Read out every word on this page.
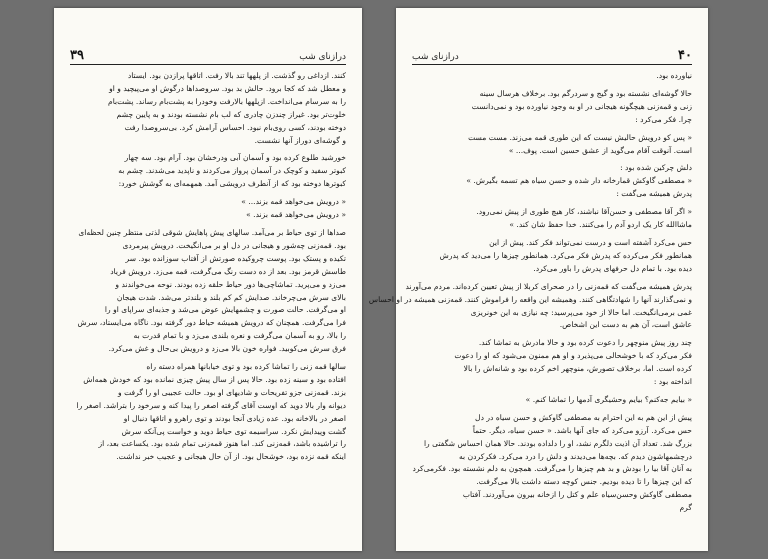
۳۹	درازنای شب
کنند. ازداغی رو گذشت. از پلهها تند بالا رفت. اتاقها پرازدن بود. ایستاد
و معطل شد که کجا برود. حالش بد بود. سروصداها درگوش او می‌پیچید و او
را به سرسام می‌انداخت. ازپلهها بالارفت وخودرا به پشت‌بام رساند. پشت‌بام
خلوت‌تر بود. غیراز چندزن چادری که لب بام نشسته بودند و به پایین چشم
دوخته بودند، کسی روی‌بام نبود. احساس آرامش کرد. بی‌سروصدا رفت
و گوشه‌ای دوراز آنها نشست.
خورشید طلوع کرده بود و آسمان آبی ودرخشان بود. آرام بود. سه چهار
کبوتر سفید و کوچک در آسمان پرواز می‌کردند و ناپدید می‌شدند. چشم به
کبوترها دوخته بود که از آنطرف درویشی آمد. همهمه‌ای به گوشش خورد:
« درویش می‌خواهد قمه بزند... »
« درویش می‌خواهد قمه بزند. »
صداها از توی حیاط بر می‌آمد. سالهای پیش پاهایش‌ شوقی لذتی منتظر چنین لحظه‌ای
بود. قمه‌زنی چه‌شور و هیجانی در دل او بر می‌انگیخت. درویش پیرمردی
تکیده و پستک بود. پوست چروکیده صورتش از آفتاب سوزانده بود. سر
طاسش قرمز بود. بعد از ده دست رنگ می‌گرفت، قمه می‌زد. درویش فریاد
می‌زد و می‌پرید. تماشاچی‌ها دور حیاط حلقه زده بودند. نوحه می‌خواندند و
بالای سرش می‌چرخاند. صدایش کم کم بلند و بلندتر می‌شد. شدت هیجان
او می‌گرفت. حالت صورت و چشمهایش عوض می‌شد و جذبه‌ای سراپای او را
فرا می‌گرفت. همچنان که درویش همیشه حیاط دور گرفته بود. ناگاه می‌ایستاد، سرش
را بالا، رو به آسمان می‌گرفت و نعره بلندی می‌زد و با تمام قدرت به
فرق سرش می‌کوبید. فواره خون بالا می‌زد و درویش بی‌حال و غش می‌کرد.
سالها قمه زنی را تماشا کرده بود و توی خیابانها همراه دسته راه
افتاده بود و سینه زده بود. حالا پس از سال پیش چیزی نمانده بود که خودش همه‌اش
بزند. قمه‌زنی جزو تفریحات و شادیهای او بود. حالت عجیبی او را گرفت و
دیوانه وار بالا دوید که اوست آقای گرفته اصغر را پیدا کنه و سرخود را بتراشد. اصغر را
اصغر در بالاخانه بود. عده زیادی آنجا بودند و توی راهرو و اتاقها دنبال او
گشت وپیدایش نکرد. سراسیمه توی حیاط دوید و خواست پی‌آنکه سرش
را تراشیده باشد، قمه‌زنی کند. اما هنوز قمه‌زنی تمام شده بود. یکساعت بعد، از
اینکه قمه نزده بود، خوشحال بود. از آن حال هیجانی و عجیب خبر نداشت.
درازنای شب	۴۰
نیاورده بود.
حالا گوشه‌ای نشسته بود و گیج و سردرگم بود. برخلاف هرسال سینه
زنی و قمه‌زنی هیچگونه هیجانی در او به وجود نیاورده بود و نمی‌دانست
چرا. فکر می‌کرد :
« پس کو درویش حالیش نیست که این طوری قمه می‌زند. مست مست
است. آنوقت آقام می‌گوید از عشق حسین است. پوف... »
دلش چرکین شده بود :
« مصطفی گاوکش قمارخانه دار شده و حسن سیاه هم تسمه بگیرش. »
پدرش همیشه می‌گفت :
« اگر آقا مصطفی و حسن‌آقا نباشند، کار هیچ طوری از پیش نمی‌رود.
ماشاالله کار یک اردو آدم را می‌کنند. خدا حفظ شان کند. »
حس می‌کرد آشفته است و درست نمی‌تواند فکر کند. پیش از این
همانطور فکر می‌کرده که پدرش فکر می‌کرد. همانطور چیزها را می‌دید که پدرش
دیده بود. با تمام دل حرفهای پدرش را باور می‌کرد.
پدرش همیشه می‌گفت که قمه‌زنی را در صحرای کربلا از پیش تعیین کرده‌اند. مردم می‌آورند
و نمی‌گذارند آنها را شهادتگاهی کنند. وهمیشه این واقعه را فراموش کنند. قمه‌زنی همیشه در او احساس
غمی برمی‌انگیخت. اما حالا از خود می‌پرسید: چه نیازی به این خونریزی
عاشق است، آن هم به دست این اشخاص.
چند روز پیش منوچهر را دعوت کرده بود و حالا مادرش به تماشا کند.
فکر می‌کرد که با خوشحالی می‌پذیرد و او هم ممنون می‌شود که او را دعوت
کرده است. اما، برخلاف تصورش، منوچهر اخم کرده بود و شانه‌اش را بالا
انداخته بود :
« بیایم جه‌کنم؟ بیایم وحشیگری آدمها را تماشا کنم. »
پیش از این هم به این احترام به مصطفی گاوکش و حسن سیاه در دل
حس می‌کرد. آرزو می‌کرد که جای آنها باشد. « حسن سیاه، دیگر. حتماً
بزرگ شد. تعداد آن اذیت دلگرم نشد، او را دلداده بودند. حالا همان احساس شگفتی را
درچشمهاشون دیدم که. بچه‌ها می‌دیدند و دلش را درد می‌کرد. فکرکردن به
به آنان آقا بیا را بودش و بد هم چیزها را می‌گرفت. همچون به دلم نشسته بود. فکرمی‌کرد
که این چیزها را تا دیده بودیم. جنس کوچه دسته داشت بالا می‌گرفت.
مصطفی گاوکش وحسن‌سیاه علم و کتل را ازخانه بیرون می‌آوردند. آفتاب
گرم
